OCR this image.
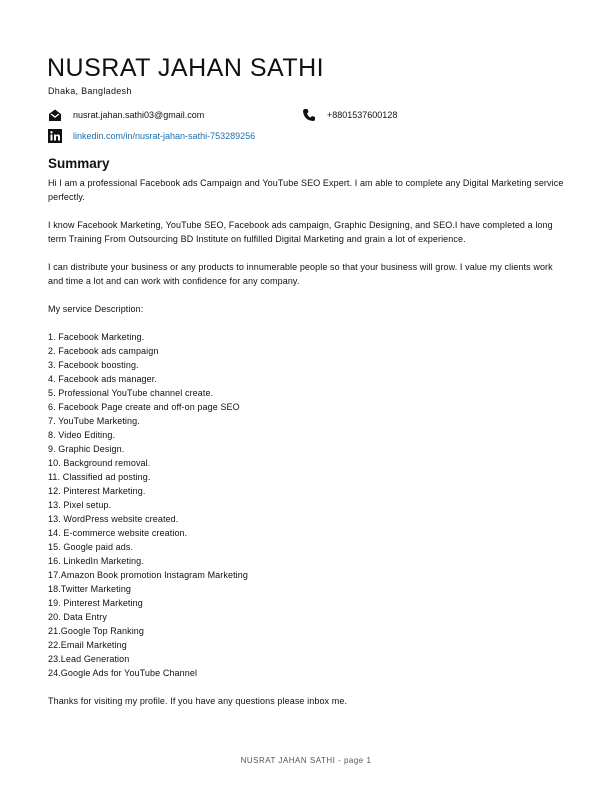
NUSRAT JAHAN SATHI
Dhaka, Bangladesh
nusrat.jahan.sathi03@gmail.com	+8801537600128
linkedin.com/in/nusrat-jahan-sathi-753289256
Summary

Hi I am a professional Facebook ads Campaign and YouTube SEO Expert. I am able to complete any Digital Marketing service perfectly.

I know Facebook Marketing, YouTube SEO, Facebook ads campaign, Graphic Designing, and SEO.I have completed a long term Training From Outsourcing BD Institute on fulfilled Digital Marketing and grain a lot of experience.

I can distribute your business or any products to innumerable people so that your business will grow. I value my clients work and time a lot and can work with confidence for any company.

My service Description:

1. Facebook Marketing.
2. Facebook ads campaign
3. Facebook boosting.
4. Facebook ads manager.
5. Professional YouTube channel create.
6. Facebook Page create and off-on page SEO
7. YouTube Marketing.
8. Video Editing.
9. Graphic Design.
10. Background removal.
11. Classified ad posting.
12. Pinterest Marketing.
13. Pixel setup.
13. WordPress website created.
14. E-commerce website creation.
15. Google paid ads.
16. LinkedIn Marketing.
17.Amazon Book promotion Instagram Marketing
18.Twitter Marketing
19. Pinterest Marketing
20. Data Entry
21.Google Top Ranking
22.Email Marketing
23.Lead Generation
24.Google Ads for YouTube Channel

Thanks for visiting my profile. If you have any questions please inbox me.

NUSRAT JAHAN SATHI - page 1
